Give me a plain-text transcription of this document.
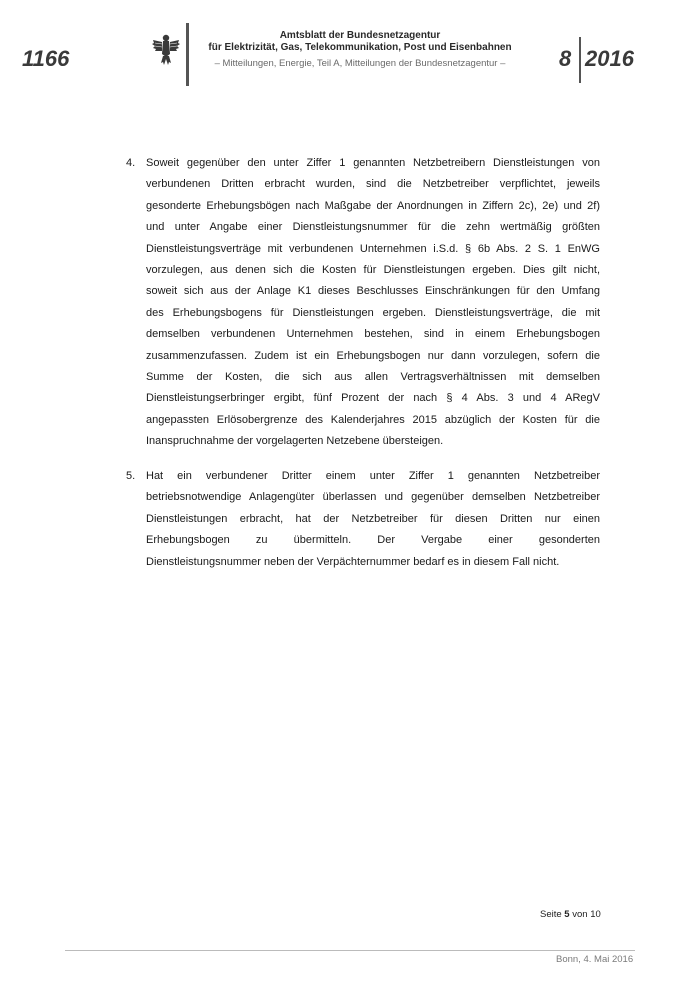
1166
Amtsblatt der Bundesnetzagentur
für Elektrizität, Gas, Telekommunikation, Post und Eisenbahnen
– Mitteilungen, Energie, Teil A, Mitteilungen der Bundesnetzagentur –	8 2016
4. Soweit gegenüber den unter Ziffer 1 genannten Netzbetreibern Dienstleistungen von
verbundenen Dritten erbracht wurden, sind die Netzbetreiber verpflichtet, jeweils
gesonderte Erhebungsbögen nach Maßgabe der Anordnungen in Ziffern 2c), 2e) und 2f)
und unter Angabe einer Dienstleistungsnummer für die zehn wertmäßig größten
Dienstleistungsverträge mit verbundenen Unternehmen i.S.d. § 6b Abs. 2 S. 1 EnWG
vorzulegen, aus denen sich die Kosten für Dienstleistungen ergeben. Dies gilt nicht,
soweit sich aus der Anlage K1 dieses Beschlusses Einschränkungen für den Umfang
des Erhebungsbogens für Dienstleistungen ergeben. Dienstleistungsverträge, die mit
demselben verbundenen Unternehmen bestehen, sind in einem Erhebungsbogen
zusammenzufassen. Zudem ist ein Erhebungsbogen nur dann vorzulegen, sofern die
Summe der Kosten, die sich aus allen Vertragsverhältnissen mit demselben
Dienstleistungserbringer ergibt, fünf Prozent der nach § 4 Abs. 3 und 4 ARegV
angepassten Erlösobergrenze des Kalenderjahres 2015 abzüglich der Kosten für die
Inanspruchnahme der vorgelagerten Netzebene übersteigen.
5. Hat ein verbundener Dritter einem unter Ziffer 1 genannten Netzbetreiber
betriebsnotwendige Anlagengüter überlassen und gegenüber demselben Netzbetreiber
Dienstleistungen erbracht, hat der Netzbetreiber für diesen Dritten nur einen
Erhebungsbogen zu übermitteln. Der Vergabe einer gesonderten
Dienstleistungsnummer neben der Verpächternummer bedarf es in diesem Fall nicht.
Seite 5 von 10
Bonn, 4. Mai 2016
